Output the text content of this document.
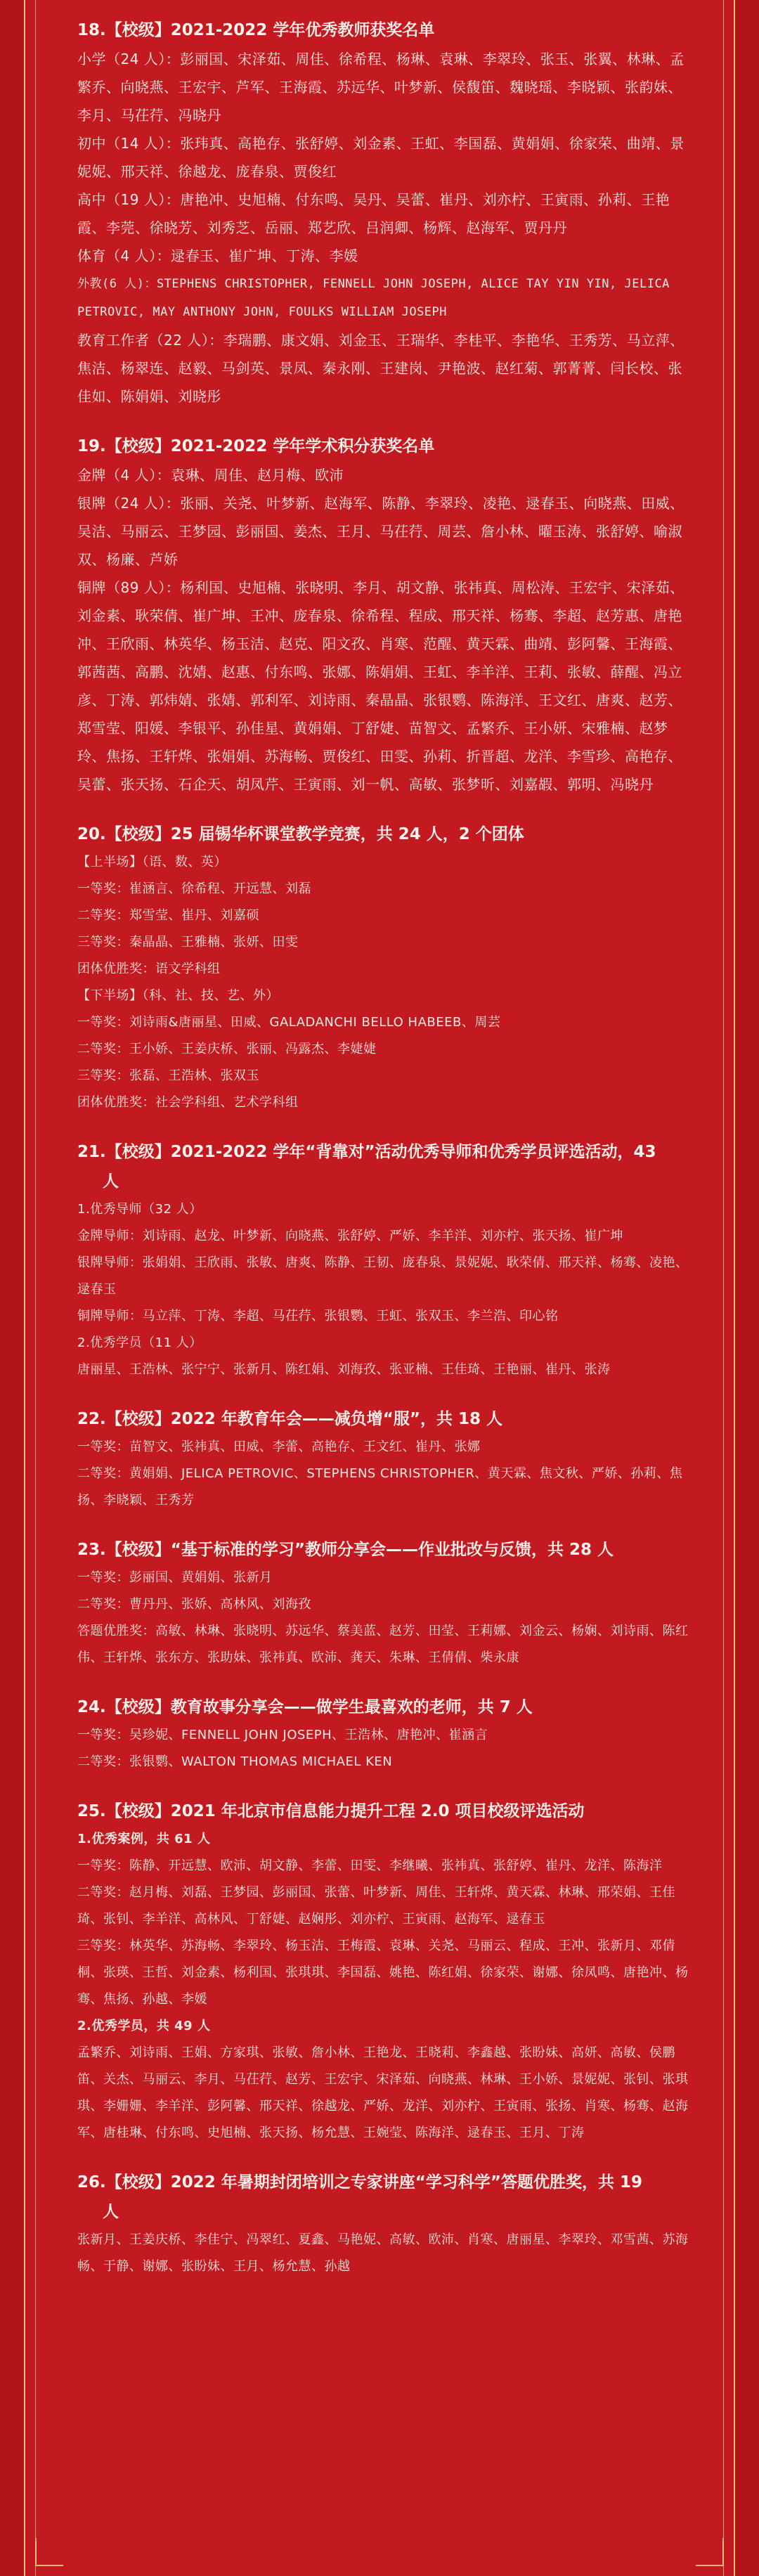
18.【校级】2021-2022 学年优秀教师获奖名单

小学（24 人）：彭丽国、宋泽茹、周佳、徐希程、杨琳、袁琳、李翠玲、张玉、张翼、林琳、孟繁乔、向晓燕、王宏宇、芦军、王海霞、苏远华、叶梦新、侯馥笛、魏晓瑶、李晓颖、张韵妹、李月、马茌荇、冯晓丹

初中（14 人）：张玮真、高艳存、张舒婷、刘金素、王虹、李国磊、黄娟娟、徐家荣、曲靖、景妮妮、邢天祥、徐越龙、庞春泉、贾俊红

高中（19 人）：唐艳冲、史旭楠、付东鸣、吴丹、吴蕾、崔丹、刘亦柠、王寅雨、孙莉、王艳霞、李莞、徐晓芳、刘秀芝、岳丽、郑艺欣、吕润卿、杨辉、赵海军、贾丹丹

体育（4 人）：逯春玉、崔广坤、丁涛、李媛

外教(6 人)：STEPHENS CHRISTOPHER, FENNELL JOHN JOSEPH, ALICE TAY YIN YIN, JELICA PETROVIC, MAY ANTHONY JOHN, FOULKS WILLIAM JOSEPH

教育工作者（22 人）：李瑞鹏、康文娟、刘金玉、王瑞华、李桂平、李艳华、王秀芳、马立萍、焦洁、杨翠连、赵毅、马剑英、景凤、秦永刚、王建岗、尹艳波、赵红菊、郭菁菁、闫长校、张佳如、陈娟娟、刘晓彤

19.【校级】2021-2022 学年学术积分获奖名单

金牌（4 人）：袁琳、周佳、赵月梅、欧沛

银牌（24 人）：张丽、关尧、叶梦新、赵海军、陈静、李翠玲、凌艳、逯春玉、向晓燕、田威、吴洁、马丽云、王梦园、彭丽国、姜杰、王月、马茌荇、周芸、詹小林、曜玉涛、张舒婷、喻淑双、杨廉、芦娇

铜牌（89 人）：杨利国、史旭楠、张晓明、李月、胡文静、张祎真、周松涛、王宏宇、宋泽茹、刘金素、耿荣倩、崔广坤、王冲、庞春泉、徐希程、程成、邢天祥、杨骞、李超、赵芳惠、唐艳冲、王欣雨、林英华、杨玉洁、赵克、阳文孜、肖寒、范醒、黄天霖、曲靖、彭阿馨、王海霞、郭茜茜、高鹏、沈婧、赵惠、付东鸣、张娜、陈娟娟、王虹、李羊洋、王莉、张敏、薛醒、冯立彦、丁涛、郭炜婧、张婧、郭利军、刘诗雨、秦晶晶、张银鹦、陈海洋、王文红、唐爽、赵芳、郑雪莹、阳媛、李银平、孙佳星、黄娟娟、丁舒婕、苗智文、孟繁乔、王小妍、宋雅楠、赵梦玲、焦扬、王轩烨、张娟娟、苏海畅、贾俊红、田雯、孙莉、折晋超、龙洋、李雪珍、高艳存、吴蕾、张天扬、石企天、胡凤芹、王寅雨、刘一帆、高敏、张梦昕、刘嘉嘏、郭明、冯晓丹

20.【校级】25 届锡华杯课堂教学竞赛，共 24 人，2 个团体

【上半场】（语、数、英）

一等奖：崔涵言、徐希程、开远慧、刘磊

二等奖：郑雪莹、崔丹、刘嘉硕

三等奖：秦晶晶、王雅楠、张妍、田雯

团体优胜奖：语文学科组

【下半场】（科、社、技、艺、外）

一等奖：刘诗雨&唐丽星、田威、GALADANCHI BELLO HABEEB、周芸

二等奖：王小娇、王姜庆桥、张丽、冯露杰、李婕婕

三等奖：张磊、王浩林、张双玉

团体优胜奖：社会学科组、艺术学科组

21.【校级】2021-2022 学年“背靠对”活动优秀导师和优秀学员评选活动，43
人

1.优秀导师（32 人）

金牌导师：刘诗雨、赵龙、叶梦新、向晓燕、张舒婷、严娇、李羊洋、刘亦柠、张天扬、崔广坤

银牌导师：张娟娟、王欣雨、张敏、唐爽、陈静、王韧、庞春泉、景妮妮、耿荣倩、邢天祥、杨骞、凌艳、逯春玉

铜牌导师：马立萍、丁涛、李超、马茌荇、张银鹦、王虹、张双玉、李兰浩、印心铭

2.优秀学员（11 人）

唐丽星、王浩林、张宁宁、张新月、陈红娟、刘海孜、张亚楠、王佳琦、王艳丽、崔丹、张涛

22.【校级】2022 年教育年会——减负增“服”，共 18 人

一等奖：苗智文、张祎真、田威、李蕾、高艳存、王文红、崔丹、张娜

二等奖：黄娟娟、JELICA PETROVIC、STEPHENS CHRISTOPHER、黄天霖、焦文秋、严娇、孙莉、焦扬、李晓颖、王秀芳

23.【校级】“基于标准的学习”教师分享会——作业批改与反馈，共 28 人

一等奖：彭丽国、黄娟娟、张新月

二等奖：曹丹丹、张娇、高林风、刘海孜

答题优胜奖：高敏、林琳、张晓明、苏远华、蔡美蓝、赵芳、田莹、王莉娜、刘金云、杨娴、刘诗雨、陈红伟、王轩烨、张东方、张助妹、张祎真、欧沛、龚天、朱琳、王倩倩、柴永康

24.【校级】教育故事分享会——做学生最喜欢的老师，共 7 人

一等奖：吴珍妮、FENNELL JOHN JOSEPH、王浩林、唐艳冲、崔涵言

二等奖：张银鹦、WALTON THOMAS MICHAEL KEN

25.【校级】2021 年北京市信息能力提升工程 2.0 项目校级评选活动

1.优秀案例，共 61 人

一等奖：陈静、开远慧、欧沛、胡文静、李蕾、田雯、李继曦、张祎真、张舒婷、崔丹、龙洋、陈海洋

二等奖：赵月梅、刘磊、王梦园、彭丽国、张蕾、叶梦新、周佳、王轩烨、黄天霖、林琳、邢荣娟、王佳琦、张钊、李羊洋、高林风、丁舒婕、赵娴彤、刘亦柠、王寅雨、赵海军、逯春玉

三等奖：林英华、苏海畅、李翠玲、杨玉洁、王梅霞、袁琳、关尧、马丽云、程成、王冲、张新月、邓倩桐、张瑛、王哲、刘金素、杨利国、张琪琪、李国磊、姚艳、陈红娟、徐家荣、谢娜、徐凤鸣、唐艳冲、杨骞、焦扬、孙越、李媛

2.优秀学员，共 49 人

孟繁乔、刘诗雨、王娟、方家琪、张敏、詹小林、王艳龙、王晓莉、李鑫越、张盼妹、高妍、高敏、侯鹏笛、关杰、马丽云、李月、马茌荇、赵芳、王宏宇、宋泽茹、向晓燕、林琳、王小娇、景妮妮、张钊、张琪琪、李姗姗、李羊洋、彭阿馨、邢天祥、徐越龙、严娇、龙洋、刘亦柠、王寅雨、张扬、肖寒、杨骞、赵海军、唐桂琳、付东鸣、史旭楠、张天扬、杨允慧、王婉莹、陈海洋、逯春玉、王月、丁涛

26.【校级】2022 年暑期封闭培训之专家讲座“学习科学”答题优胜奖，共 19
人

张新月、王姜庆桥、李佳宁、冯翠红、夏鑫、马艳妮、高敏、欧沛、肖寒、唐丽星、李翠玲、邓雪茜、苏海畅、于静、谢娜、张盼妹、王月、杨允慧、孙越
